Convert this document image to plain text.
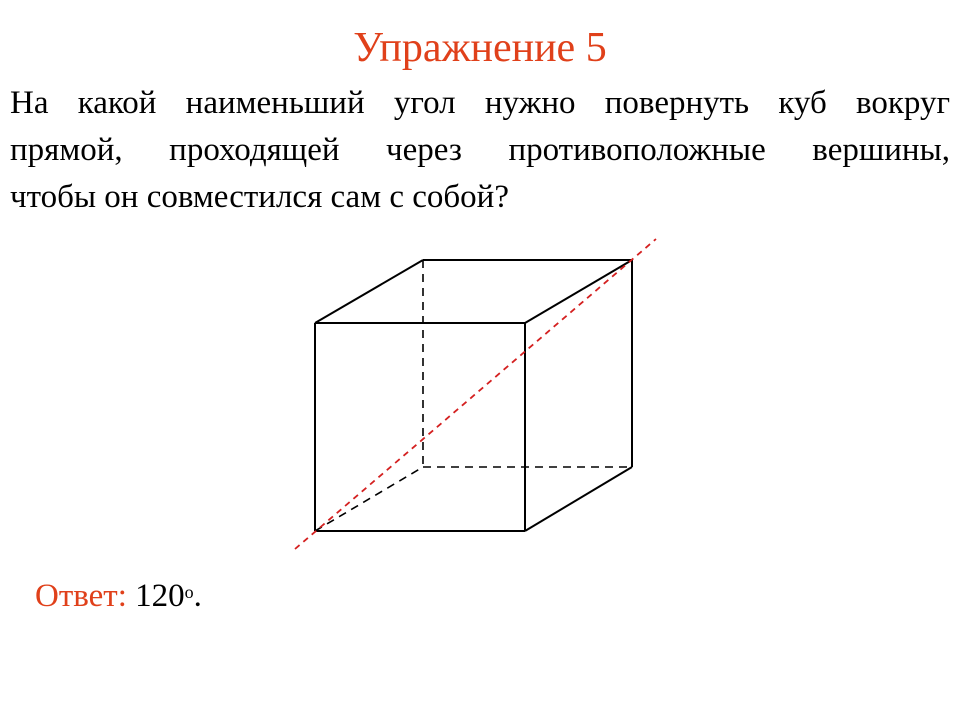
Упражнение 5

На какой наименьший угол нужно повернуть куб вокруг
прямой, проходящей через противоположные вершины,
чтобы он совместился сам с собой?

Ответ: 120$^o$.
